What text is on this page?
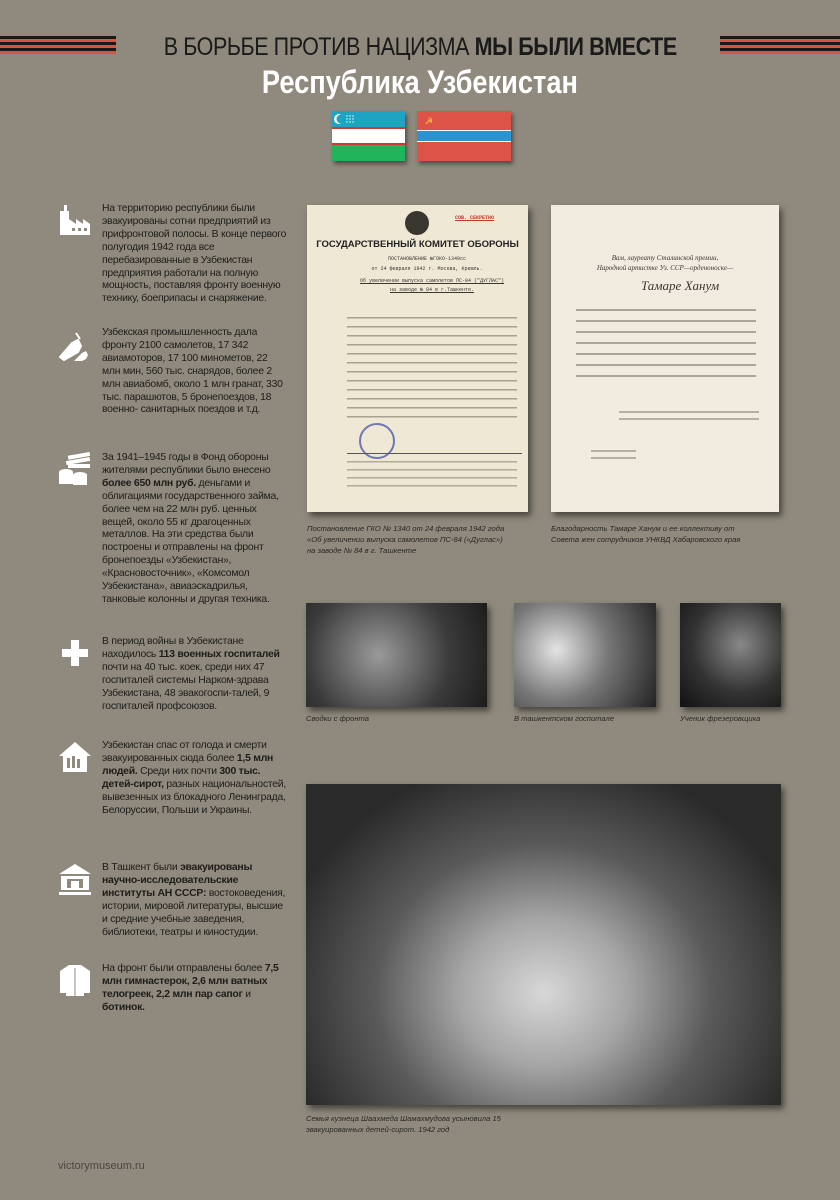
В БОРЬБЕ ПРОТИВ НАЦИЗМА МЫ БЫЛИ ВМЕСТЕ
Республика Узбекистан
☭

На территорию республики были эвакуированы сотни предприятий из прифронтовой полосы. В конце первого полугодия 1942 года все перебазированные в Узбекистан предприятия работали на полную мощность, поставляя фронту военную технику, боеприпасы и снаряжение.

Узбекская промышленность дала фронту 2100 самолетов, 17 342 авиамоторов, 17 100 минометов, 22 млн мин, 560 тыс. снарядов, более 2 млн авиабомб, около 1 млн гранат, 330 тыс. парашютов, 5 бронепоездов, 18 военно- санитарных поездов и т.д.

За 1941–1945 годы в Фонд обороны жителями республики было внесено более 650 млн руб. деньгами и облигациями государственного займа, более чем на 22 млн руб. ценных вещей, около 55 кг драгоценных металлов. На эти средства были построены и отправлены на фронт бронепоезды «Узбекистан», «Красновосточник», «Комсомол Узбекистана», авиаэскадрилья, танковые колонны и другая техника.

В период войны в Узбекистане находилось 113 военных госпиталей почти на 40 тыс. коек, среди них 47 госпиталей системы Нарком-здрава Узбекистана, 48 эвакогоспи-талей, 9 госпиталей профсоюзов.

Узбекистан спас от голода и смерти эвакуированных сюда более 1,5 млн людей. Среди них почти 300 тыс. детей-сирот, разных национальностей, вывезенных из блокадного Ленинграда, Белоруссии, Польши и Украины.

В Ташкент были эвакуированы научно-исследовательские институты АН СССР: востоковедения, истории, мировой литературы, высшие и средние учебные заведения, библиотеки, театры и киностудии.

На фронт были отправлены более 7,5 млн гимнастерок, 2,6 млн ватных телогреек, 2,2 млн пар сапог и ботинок.

СОВ. СЕКРЕТНО
ГОСУДАРСТВЕННЫЙ КОМИТЕТ ОБОРОНЫ
ПОСТАНОВЛЕНИЕ №ГОКО-1340сс
от 24 февраля 1942 г. Москва, Кремль.
Об увеличении выпуска самолетов ПС-84 ("ДУГЛАС") на заводе № 84 в г.Ташкенте.
Постановление ГКО № 1340 от 24 февраля 1942 года «Об увеличении выпуска самолетов ПС-84 («Дуглас») на заводе № 84 в г. Ташкенте
Вам, лауреату Сталинской премии,
Народной артистке Уз. ССР—орденоноске—
Тамаре Ханум
Благодарность Тамаре Ханум и ее коллективу от Совета жен сотрудников УНКВД Хабаровского края
Сводки с фронта	В ташкентском госпитале	Ученик фрезеровщика
Семья кузнеца Шаахмеда Шамахмудова усыновила 15 эвакуированных детей-сирот. 1942 год
victorymuseum.ru
